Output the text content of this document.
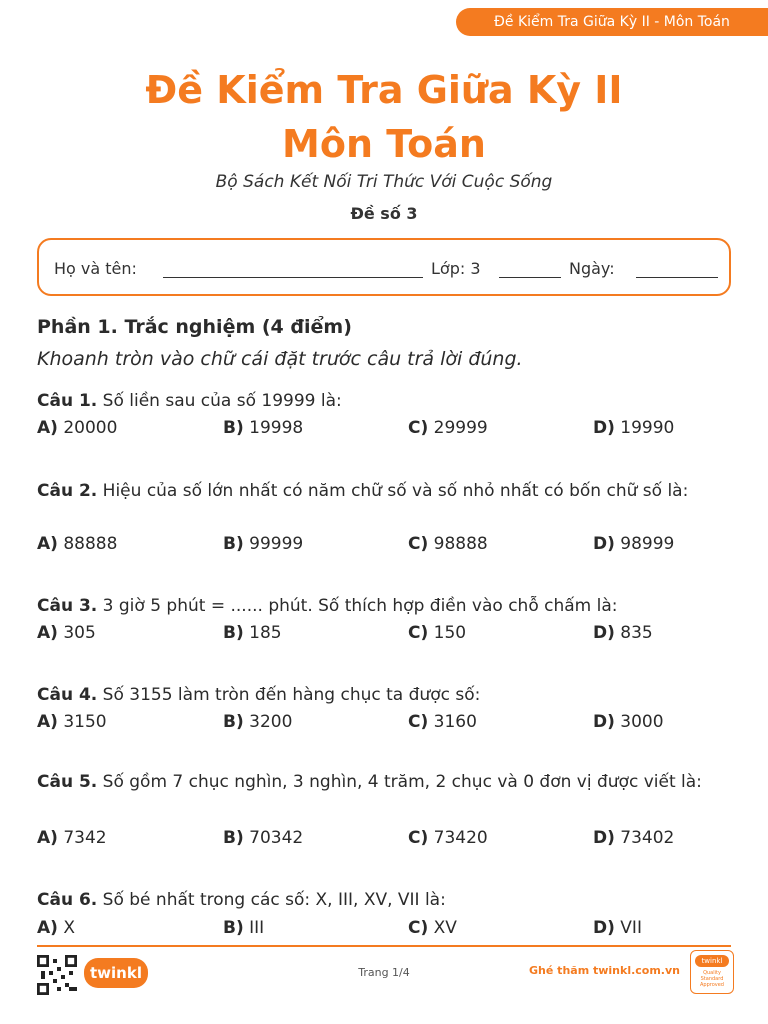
Đề Kiểm Tra Giữa Kỳ II - Môn Toán
Đề Kiểm Tra Giữa Kỳ II
Môn Toán
Bộ Sách Kết Nối Tri Thức Với Cuộc Sống
Đề số 3
Họ và tên:	Lớp: 3	Ngày:
Phần 1. Trắc nghiệm (4 điểm)
Khoanh tròn vào chữ cái đặt trước câu trả lời đúng.
Câu 1. Số liền sau của số 19999 là:
A) 20000	B) 19998	C) 29999	D) 19990
Câu 2. Hiệu của số lớn nhất có năm chữ số và số nhỏ nhất có bốn chữ số là:
A) 88888	B) 99999	C) 98888	D) 98999
Câu 3. 3 giờ 5 phút = ...... phút. Số thích hợp điền vào chỗ chấm là:
A) 305	B) 185	C) 150	D) 835
Câu 4. Số 3155 làm tròn đến hàng chục ta được số:
A) 3150	B) 3200	C) 3160	D) 3000
Câu 5. Số gồm 7 chục nghìn, 3 nghìn, 4 trăm, 2 chục và 0 đơn vị được viết là:
A) 7342	B) 70342	C) 73420	D) 73402
Câu 6. Số bé nhất trong các số: X, III, XV, VII là:
A) X	B) III	C) XV	D) VII
twinkl	Trang 1/4	Ghé thăm twinkl.com.vn
twinkl
Quality Standard Approved
